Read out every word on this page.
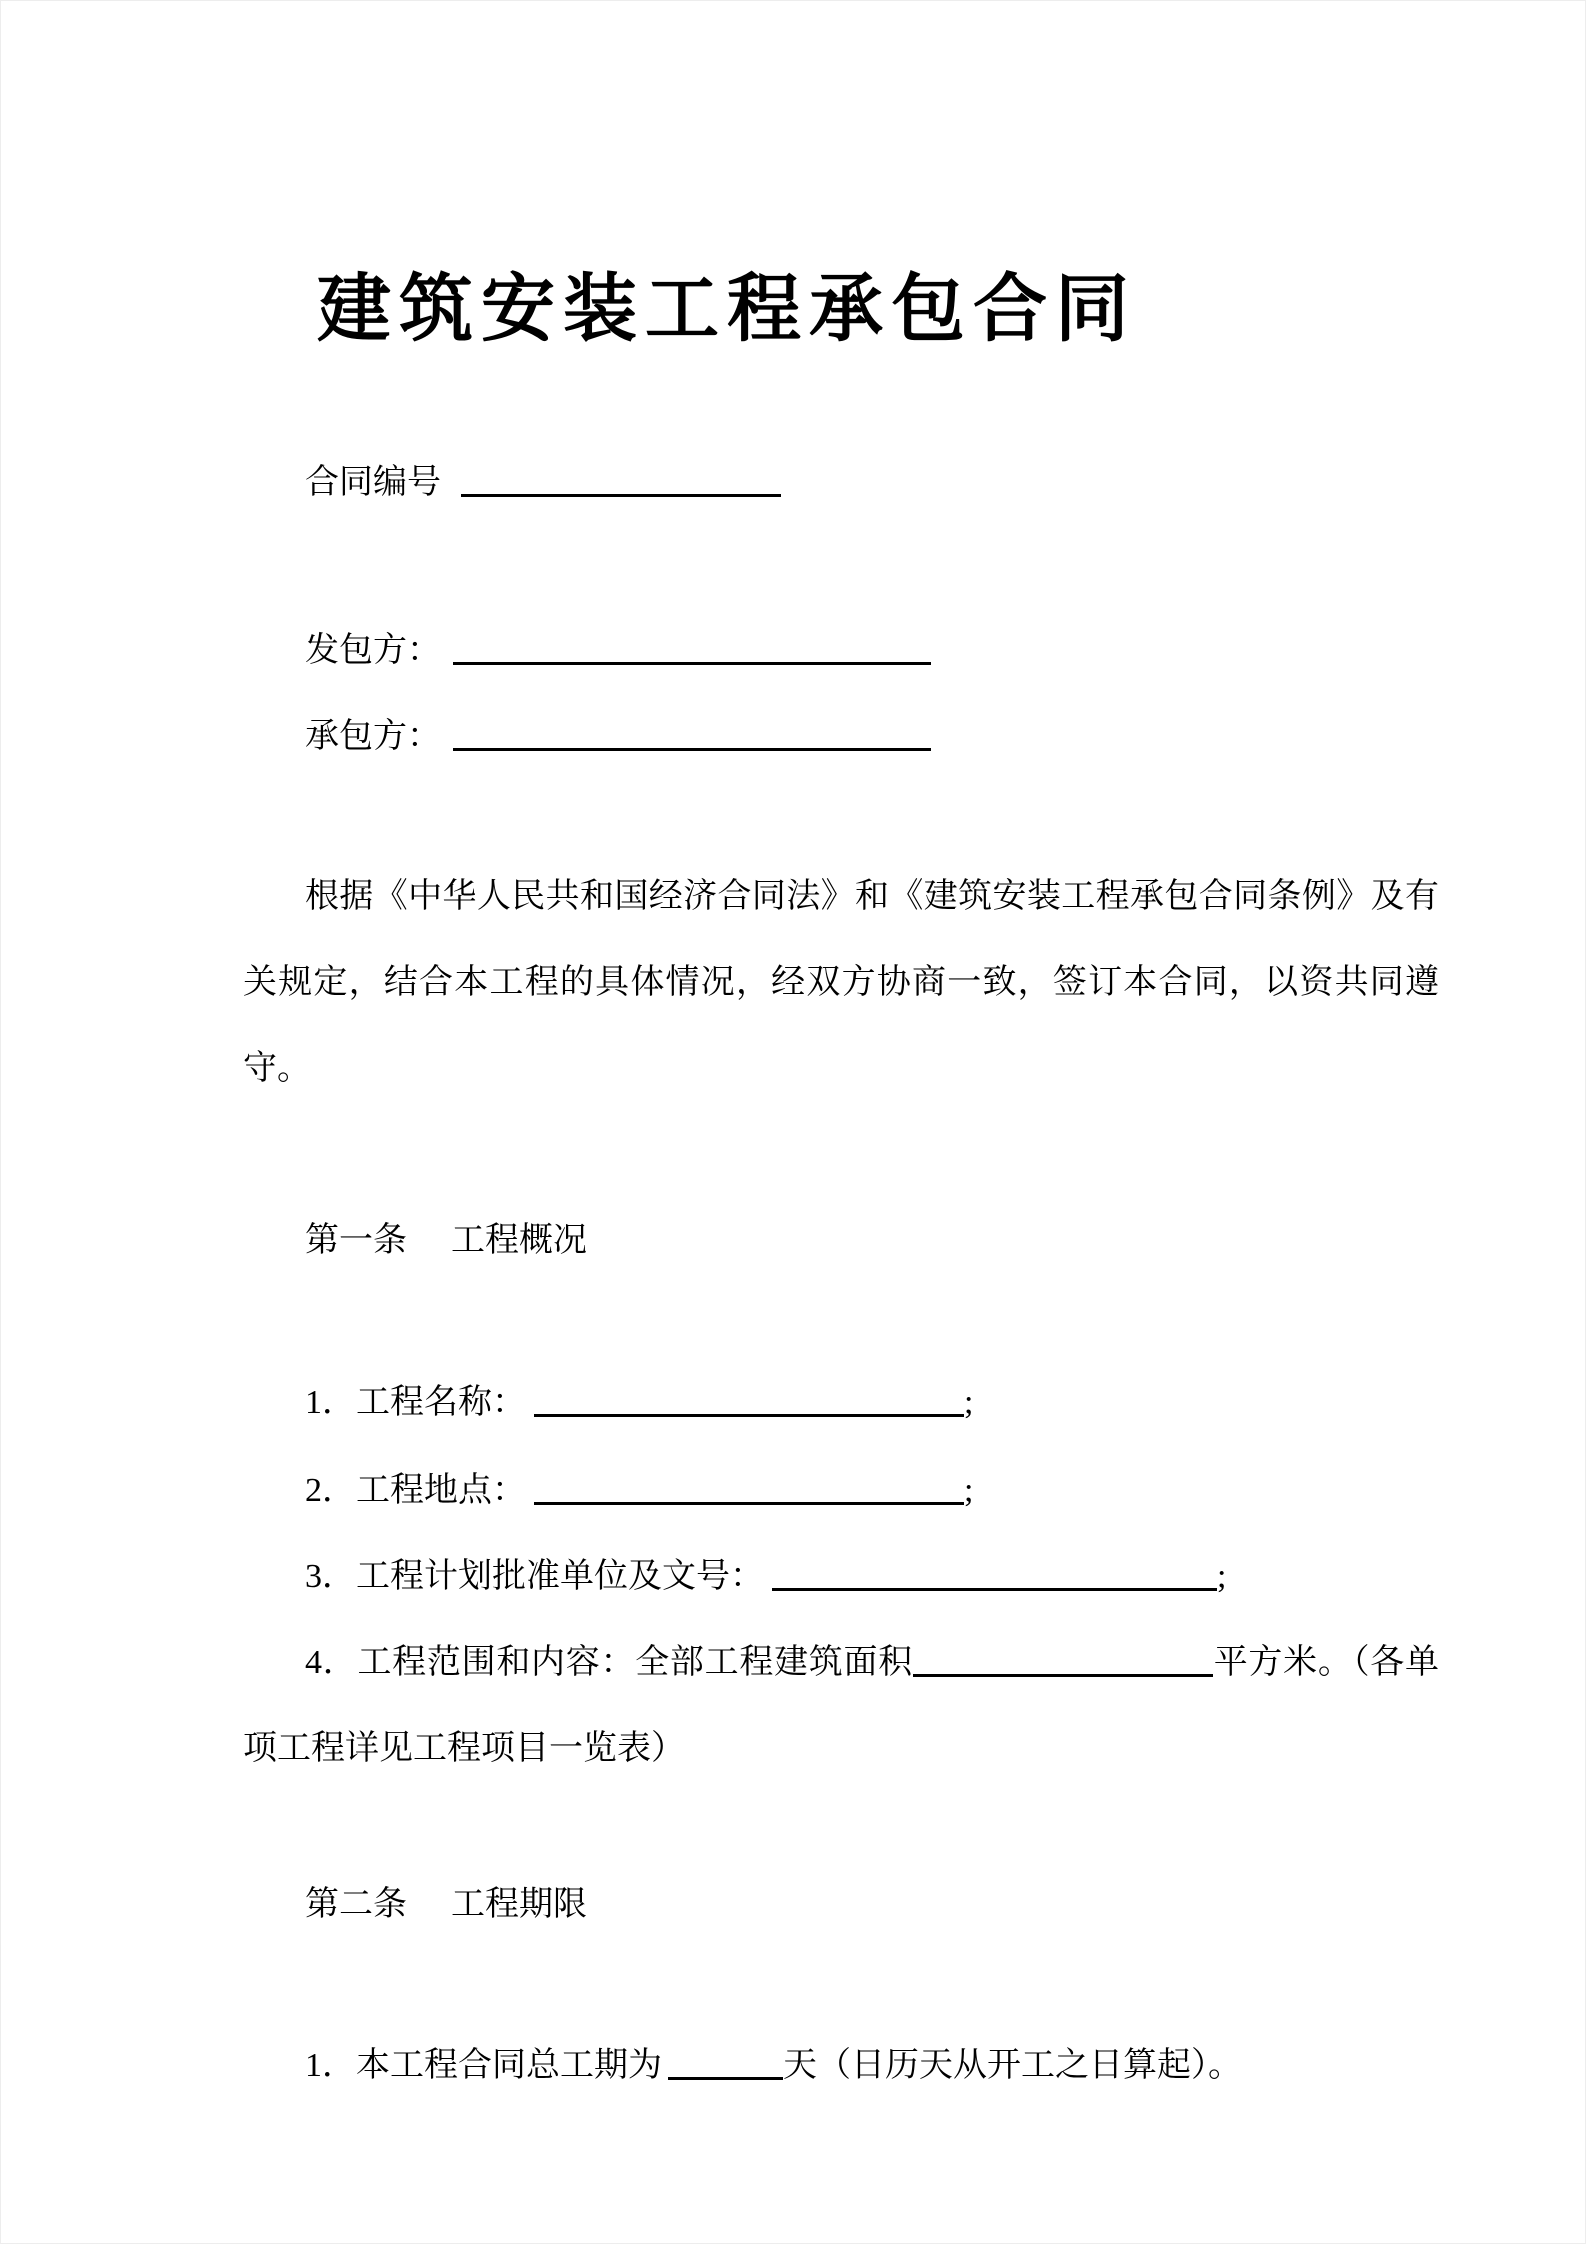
建筑安装工程承包合同

合同编号

发包方：

承包方：

根据《中华人民共和国经济合同法》和《建筑安装工程承包合同条例》及有关规定，结合本工程的具体情况，经双方协商一致，签订本合同，以资共同遵守。

第一条 工程概况

1．工程名称：	;

2．工程地点：	;

3．工程计划批准单位及文号：	;

4．工程范围和内容：全部工程建筑面积	平方米。（各单项工程详见工程项目一览表）

第二条 工程期限

1．本工程合同总工期为	天（日历天从开工之日算起）。
